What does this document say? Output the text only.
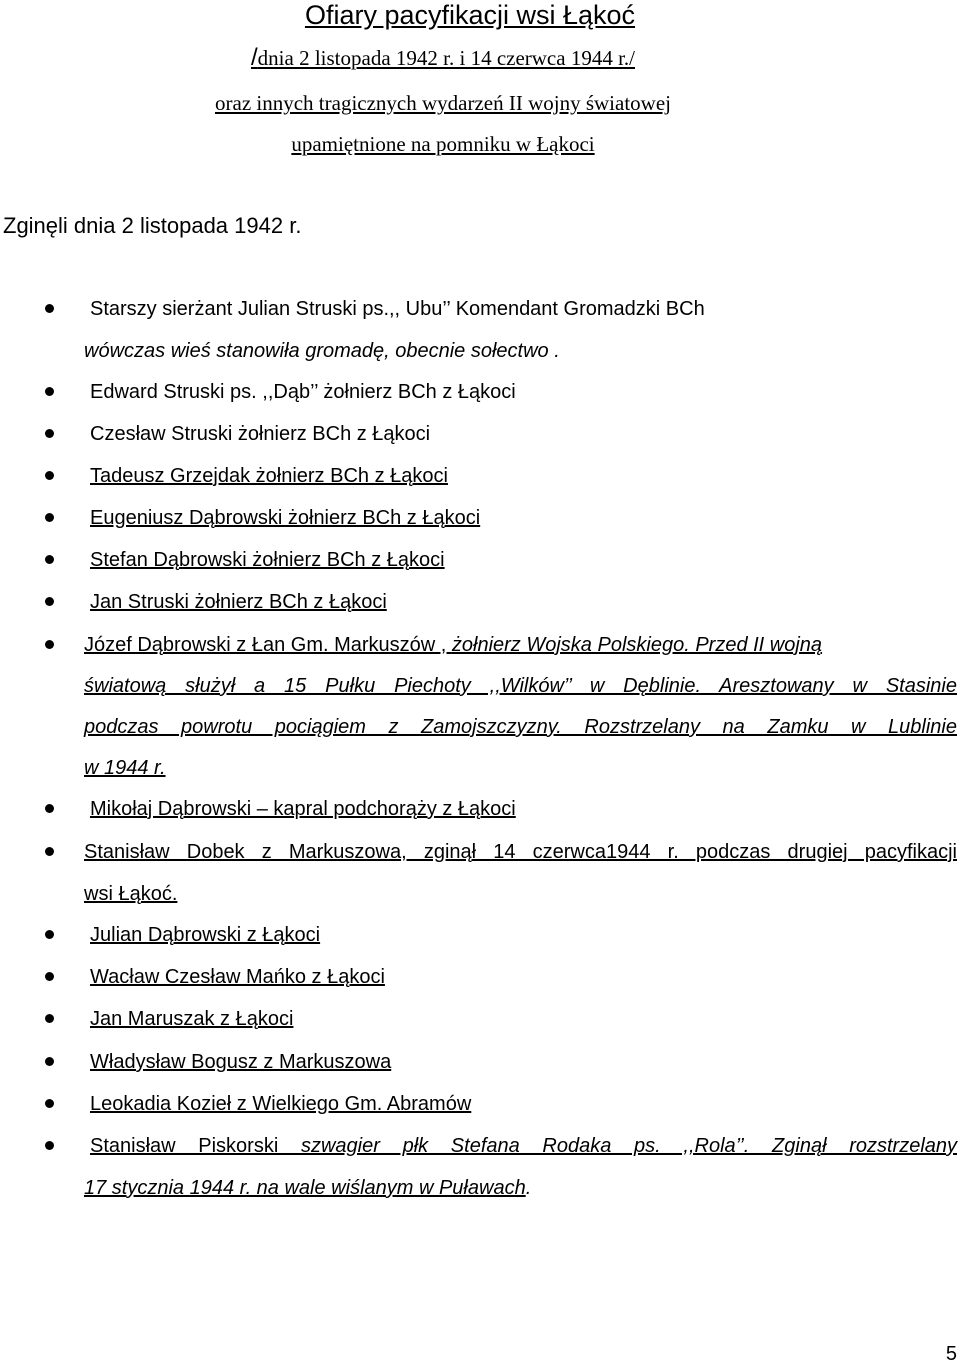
Ofiary pacyfikacji wsi Łąkoć
/dnia 2 listopada 1942 r. i 14 czerwca 1944 r./
oraz innych tragicznych wydarzeń II wojny światowej
upamiętnione na pomniku w Łąkoci
Zginęli dnia 2 listopada 1942 r.
Starszy sierżant Julian Struski ps.,, Ubu’’ Komendant Gromadzki BCh
wówczas wieś stanowiła gromadę, obecnie sołectwo .
Edward Struski ps. ,,Dąb’’ żołnierz BCh z Łąkoci
Czesław Struski żołnierz BCh z Łąkoci
Tadeusz Grzejdak żołnierz BCh z Łąkoci
Eugeniusz Dąbrowski żołnierz BCh z Łąkoci
Stefan Dąbrowski żołnierz BCh z Łąkoci
Jan Struski żołnierz BCh z Łąkoci
Józef Dąbrowski z Łan Gm. Markuszów , żołnierz Wojska Polskiego. Przed II wojną
światową służył a 15 Pułku Piechoty ,,Wilków’’ w Dęblinie. Aresztowany w Stasinie
podczas powrotu pociągiem z Zamojszczyzny. Rozstrzelany na Zamku w Lublinie
w 1944 r.
Mikołaj Dąbrowski – kapral podchorąży z Łąkoci
Stanisław Dobek z Markuszowa, zginął 14 czerwca1944 r. podczas drugiej pacyfikacji
wsi Łąkoć.
Julian Dąbrowski z Łąkoci
Wacław Czesław Mańko z Łąkoci
Jan Maruszak z Łąkoci
Władysław Bogusz z Markuszowa
Leokadia Kozieł z Wielkiego Gm. Abramów
Stanisław Piskorski szwagier płk Stefana Rodaka ps. ,,Rola’’. Zginął rozstrzelany
17 stycznia 1944 r. na wale wiślanym w Puławach.
5
